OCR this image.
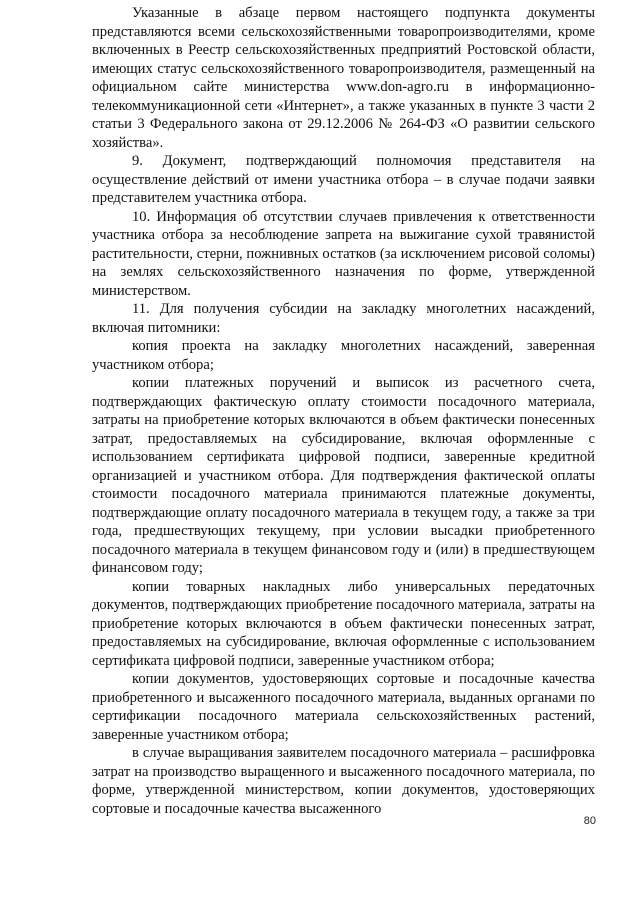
Указанные в абзаце первом настоящего подпункта документы представляются всеми сельскохозяйственными товаропроизводителями, кроме включенных в Реестр сельскохозяйственных предприятий Ростовской области, имеющих статус сельскохозяйственного товаропроизводителя, размещенный на официальном сайте министерства www.don-agro.ru в информационно-телекоммуникационной сети «Интернет», а также указанных в пункте 3 части 2 статьи 3 Федерального закона от 29.12.2006 № 264-ФЗ «О развитии сельского хозяйства».

9. Документ, подтверждающий полномочия представителя на осуществление действий от имени участника отбора – в случае подачи заявки представителем участника отбора.

10. Информация об отсутствии случаев привлечения к ответственности участника отбора за несоблюдение запрета на выжигание сухой травянистой растительности, стерни, пожнивных остатков (за исключением рисовой соломы) на землях сельскохозяйственного назначения по форме, утвержденной министерством.

11. Для получения субсидии на закладку многолетних насаждений, включая питомники:

копия проекта на закладку многолетних насаждений, заверенная участником отбора;

копии платежных поручений и выписок из расчетного счета, подтверждающих фактическую оплату стоимости посадочного материала, затраты на приобретение которых включаются в объем фактически понесенных затрат, предоставляемых на субсидирование, включая оформленные с использованием сертификата цифровой подписи, заверенные кредитной организацией и участником отбора. Для подтверждения фактической оплаты стоимости посадочного материала принимаются платежные документы, подтверждающие оплату посадочного материала в текущем году, а также за три года, предшествующих текущему, при условии высадки приобретенного посадочного материала в текущем финансовом году и (или) в предшествующем финансовом году;

копии товарных накладных либо универсальных передаточных документов, подтверждающих приобретение посадочного материала, затраты на приобретение которых включаются в объем фактически понесенных затрат, предоставляемых на субсидирование, включая оформленные с использованием сертификата цифровой подписи, заверенные участником отбора;

копии документов, удостоверяющих сортовые и посадочные качества приобретенного и высаженного посадочного материала, выданных органами по сертификации посадочного материала сельскохозяйственных растений, заверенные участником отбора;

в случае выращивания заявителем посадочного материала – расшифровка затрат на производство выращенного и высаженного посадочного материала, по форме, утвержденной министерством, копии документов, удостоверяющих сортовые и посадочные качества высаженного

80
